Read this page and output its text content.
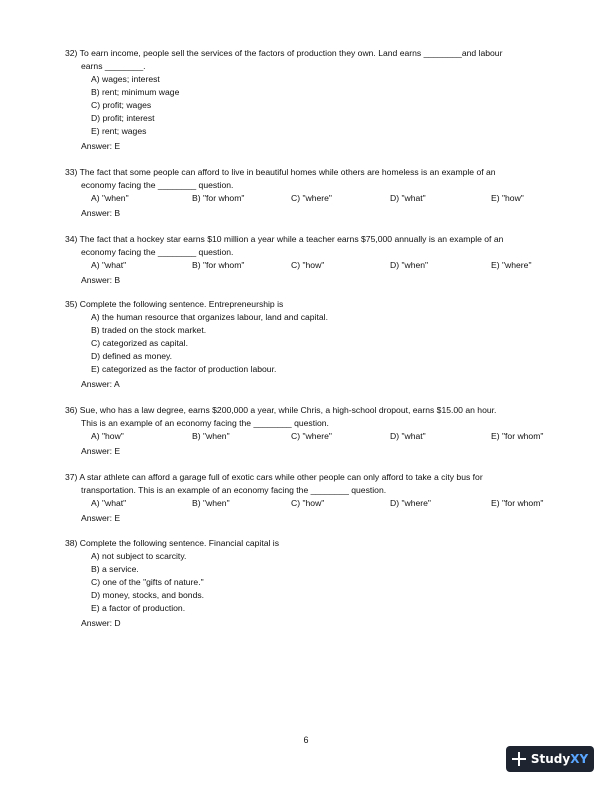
32) To earn income, people sell the services of the factors of production they own. Land earns ________and labour
earns ________.
A) wages; interest
B) rent; minimum wage
C) profit; wages
D) profit; interest
E) rent; wages
Answer: E
33) The fact that some people can afford to live in beautiful homes while others are homeless is an example of an
economy facing the ________ question.
A) "when"	B) "for whom"	C) "where"	D) "what"	E) "how"
Answer: B
34) The fact that a hockey star earns $10 million a year while a teacher earns $75,000 annually is an example of an
economy facing the ________ question.
A) "what"	B) "for whom"	C) "how"	D) "when"	E) "where"
Answer: B
35) Complete the following sentence. Entrepreneurship is
A) the human resource that organizes labour, land and capital.
B) traded on the stock market.
C) categorized as capital.
D) defined as money.
E) categorized as the factor of production labour.
Answer: A
36) Sue, who has a law degree, earns $200,000 a year, while Chris, a high-school dropout, earns $15.00 an hour.
This is an example of an economy facing the ________ question.
A) "how"	B) "when"	C) "where"	D) "what"	E) "for whom"
Answer: E
37) A star athlete can afford a garage full of exotic cars while other people can only afford to take a city bus for
transportation. This is an example of an economy facing the ________ question.
A) "what"	B) "when"	C) "how"	D) "where"	E) "for whom"
Answer: E
38) Complete the following sentence. Financial capital is
A) not subject to scarcity.
B) a service.
C) one of the "gifts of nature."
D) money, stocks, and bonds.
E) a factor of production.
Answer: D
6
StudyXY
